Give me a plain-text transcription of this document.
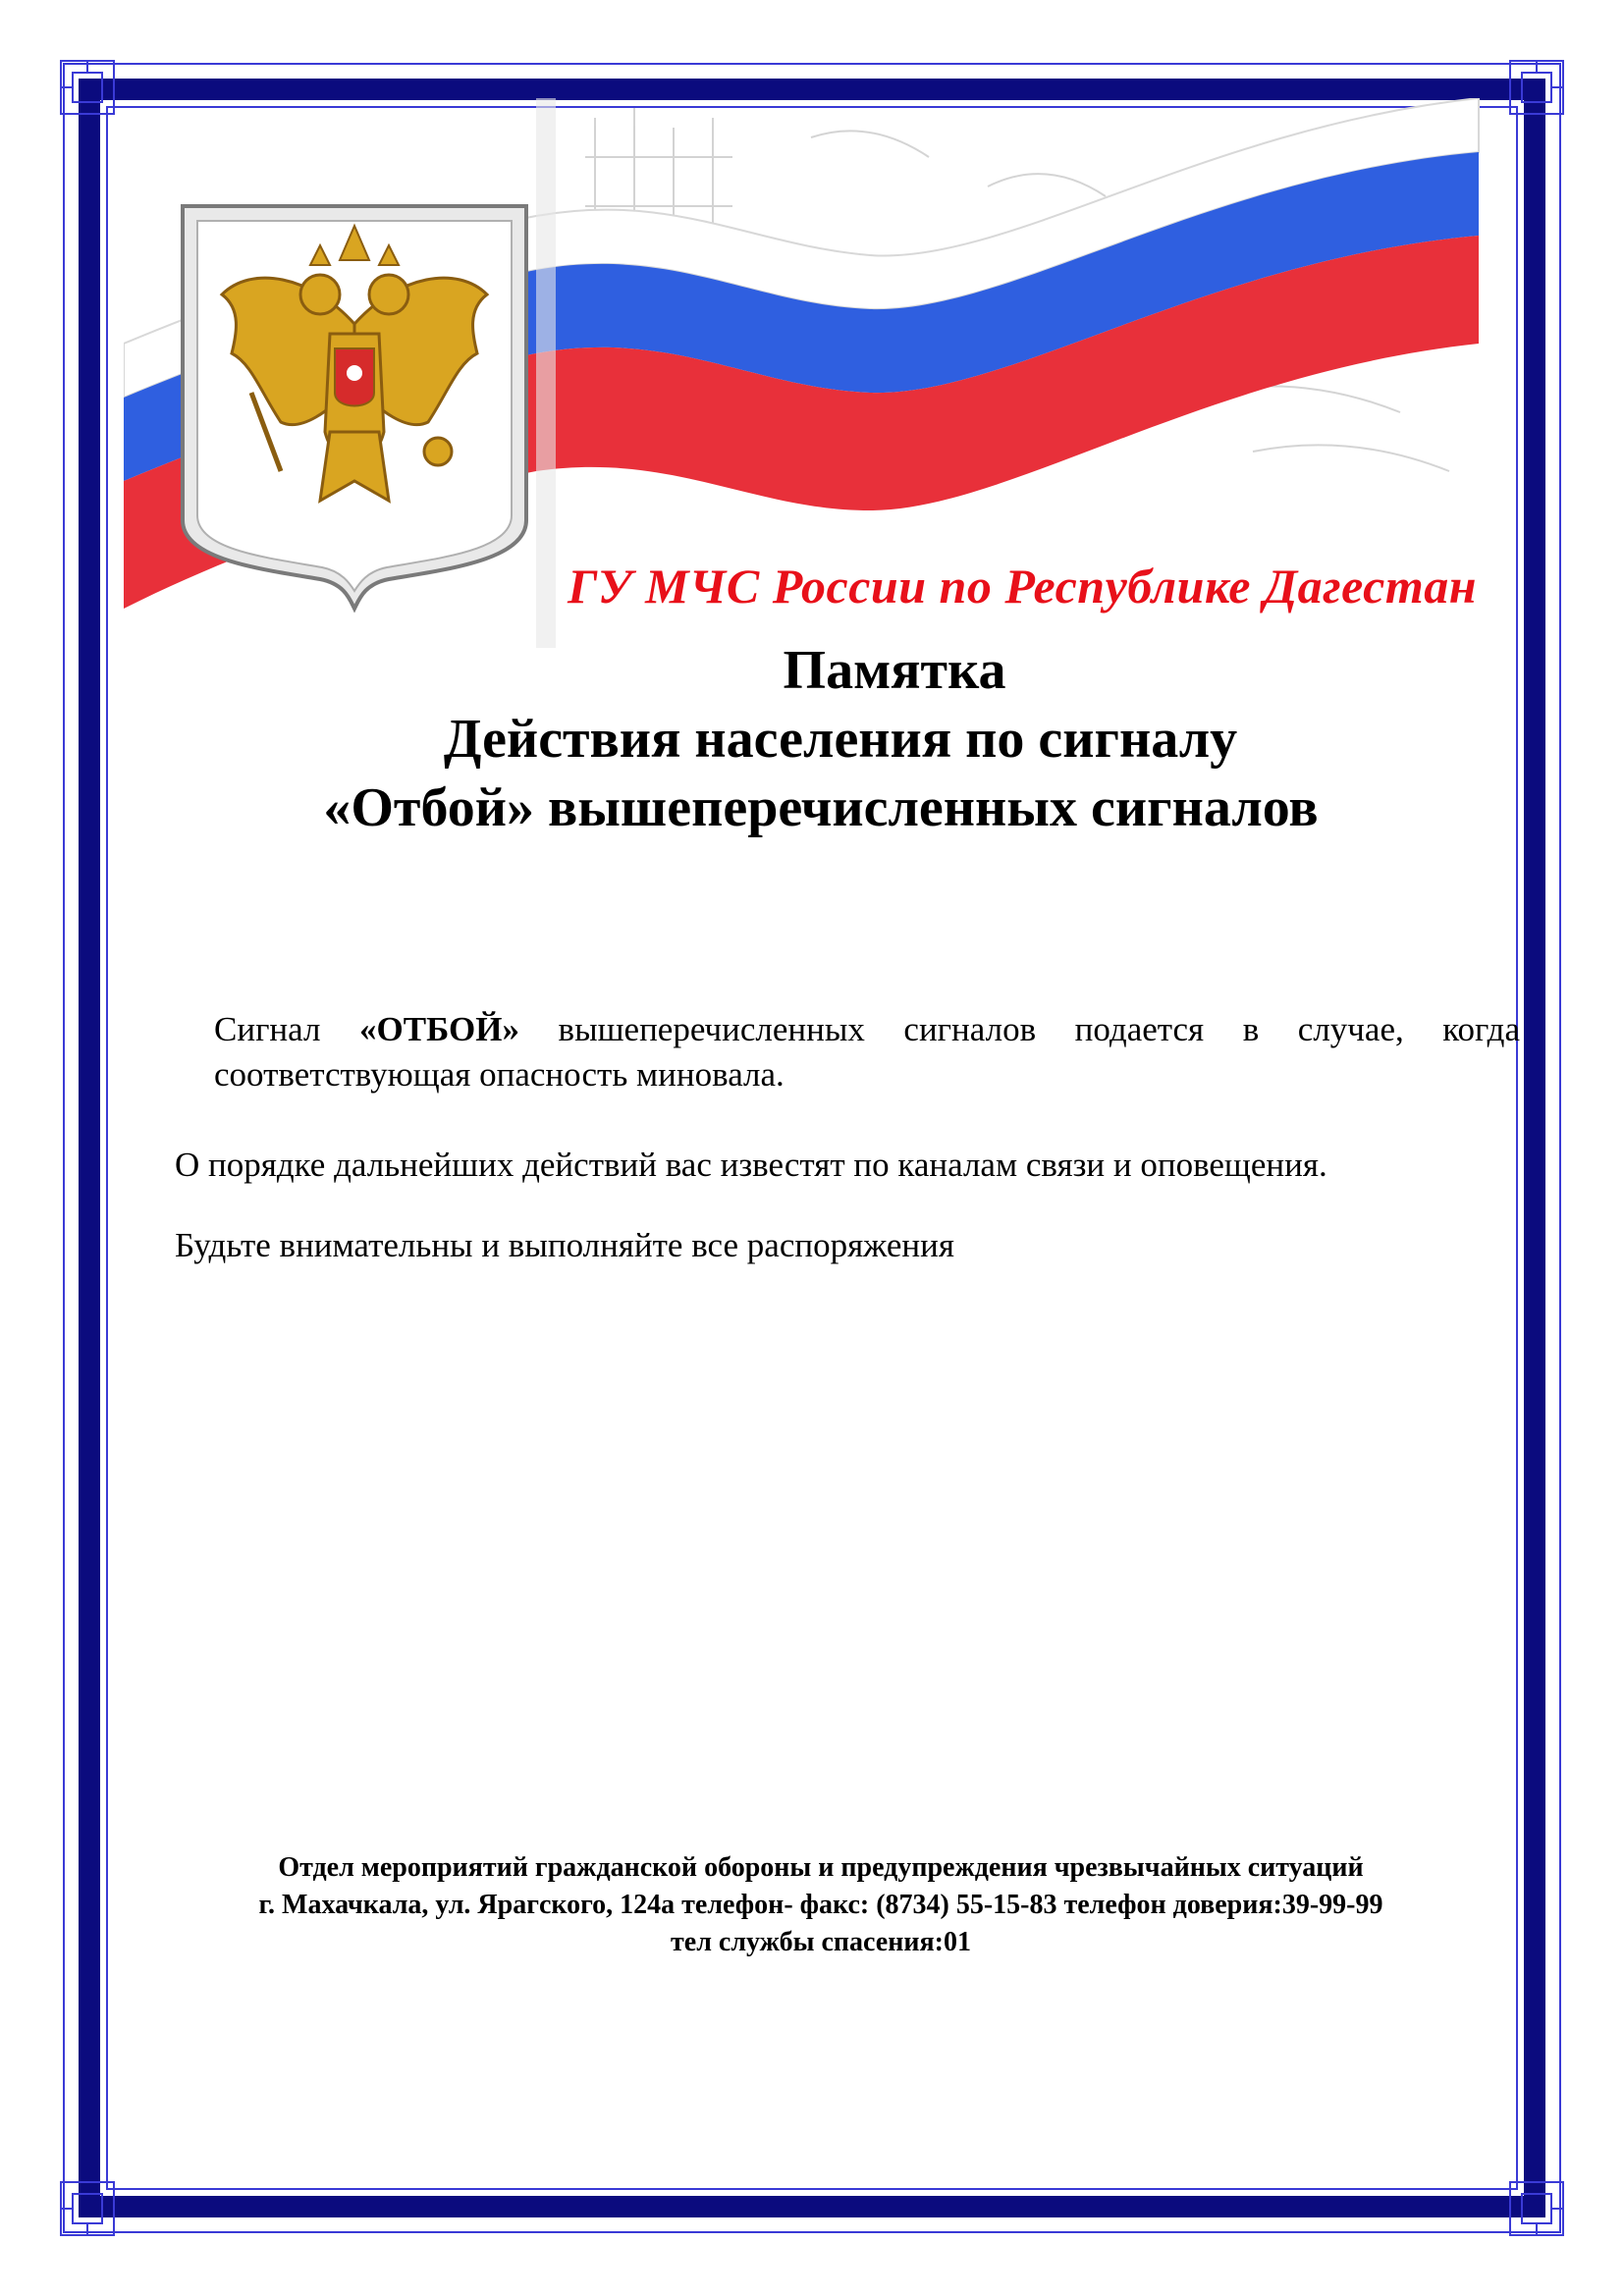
ГУ МЧС России по Республике Дагестан
Памятка
Действия населения по сигналу
«Отбой» вышеперечисленных сигналов
Сигнал «ОТБОЙ» вышеперечисленных сигналов подается в случае, когда соответствующая опасность миновала.
О порядке дальнейших действий вас известят по каналам связи и оповещения.
Будьте внимательны и выполняйте все распоряжения
Отдел мероприятий гражданской обороны и предупреждения чрезвычайных ситуаций
г. Махачкала, ул. Ярагского, 124а телефон- факс: (8734) 55-15-83 телефон доверия:39-99-99
тел службы спасения:01
